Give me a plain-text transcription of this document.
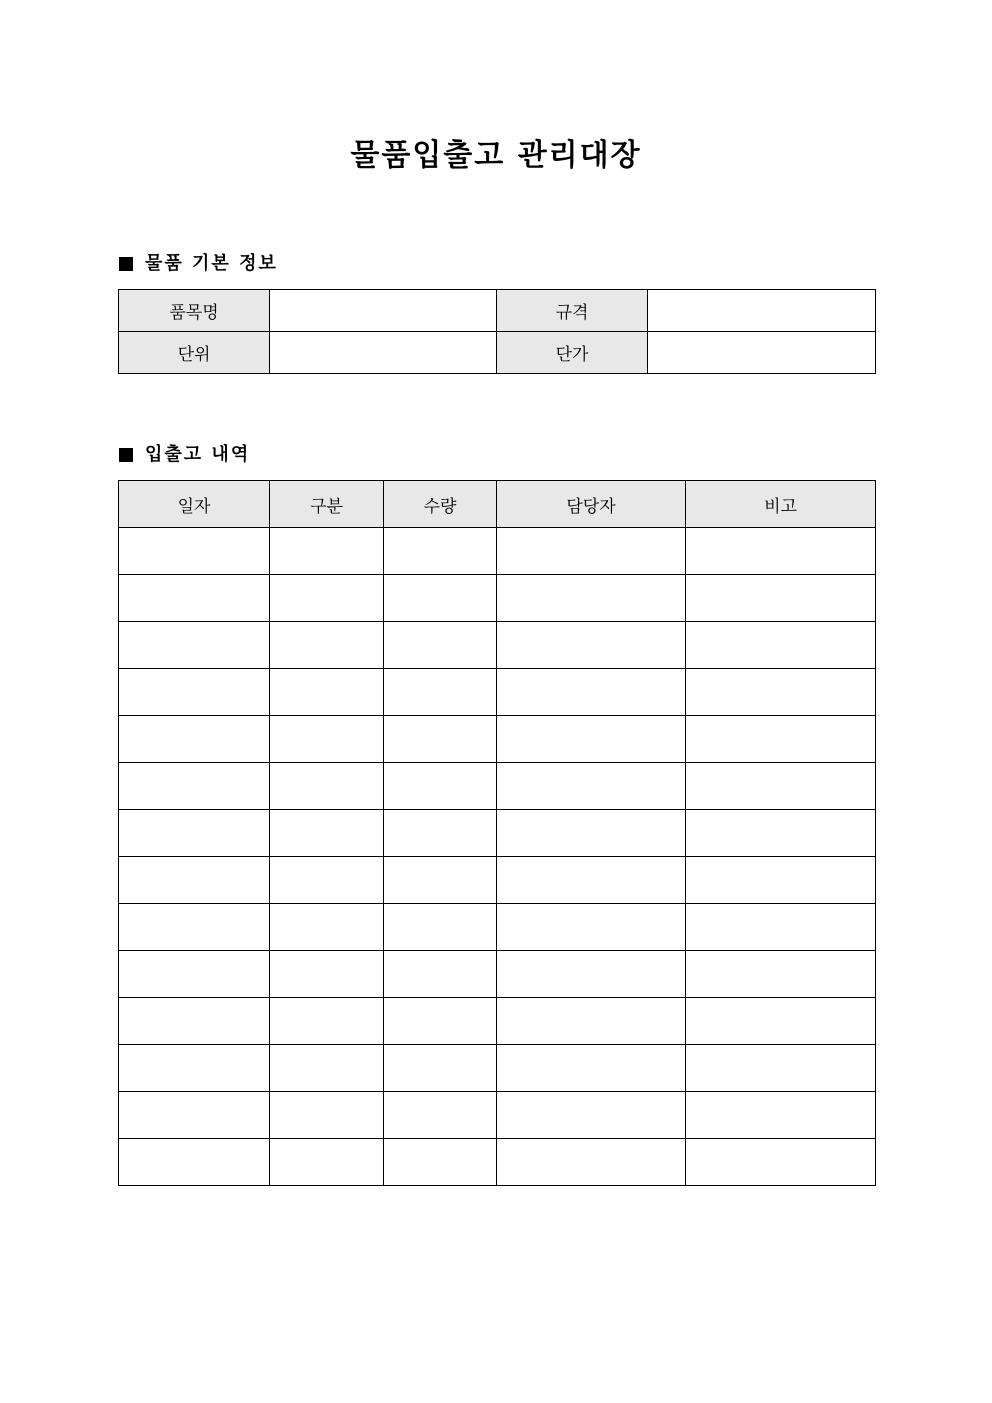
물품입출고 관리대장
물품 기본 정보
품목명		규격	
단위		단가	
입출고 내역
일자	구분	수량	담당자	비고
